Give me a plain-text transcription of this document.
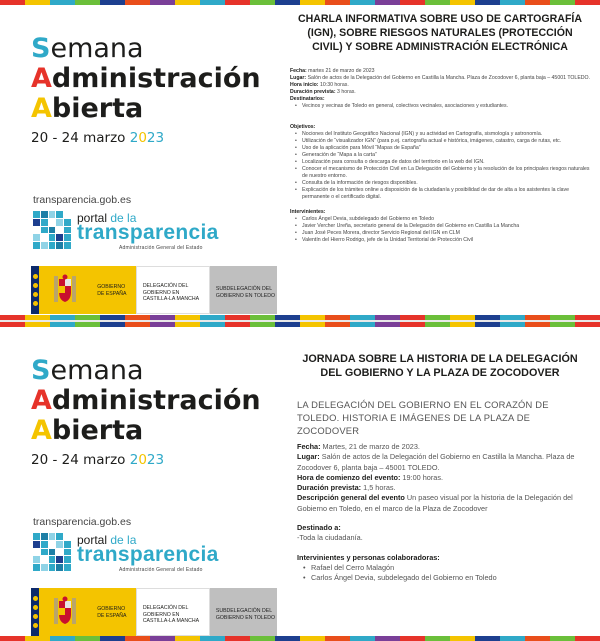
Semana
Administración
Abierta
20 - 24 marzo 2023
transparencia.gob.es
portal de la
transparencia
Administración General del Estado
GOBIERNO
DE ESPAÑA
DELEGACIÓN DEL
GOBIERNO EN
CASTILLA-LA MANCHA
SUBDELEGACIÓN DEL
GOBIERNO EN TOLEDO
CHARLA INFORMATIVA SOBRE USO DE CARTOGRAFÍA (IGN), SOBRE RIESGOS NATURALES (PROTECCIÓN CIVIL) Y SOBRE ADMINISTRACIÓN ELECTRÓNICA
Fecha: martes 21 de marzo de 2023
Lugar: Salón de actos de la Delegación del Gobierno en Castilla la Mancha. Plaza de Zocodover 6, planta baja – 45001 TOLEDO.
Hora inicio: 10:30 horas.
Duración prevista: 3 horas.
Destinatarios:
• Vecinos y vecinas de Toledo en general, colectivos vecinales, asociaciones y estudiantes.
Objetivos:
• Nociones del Instituto Geográfico Nacional (IGN) y su actividad en Cartografía, sismología y astronomía.
• Utilización de “visualizador IGN” (para p.ej. cartografía actual e histórica, imágenes, catastro, carga de rutas, etc.
• Uso de la aplicación para Móvil “Mapas de España”
• Generación de “Mapa a la carta”
• Localización para consulta o descarga de datos del territorio en la web del IGN.
• Conocer el mecanismo de Protección Civil en La Delegación del Gobierno y la resolución de los principales riesgos naturales de nuestro entorno.
• Consulta de la información de riesgos disponibles.
• Explicación de los trámites online a disposición de la ciudadanía y posibilidad de dar de alta a los asistentes la clave permanente o el certificado digital.
Intervinientes:
• Carlos Ángel Devia, subdelegado del Gobierno en Toledo
• Javier Vercher Ureña, secretario general de la Delegación del Gobierno en Castilla La Mancha
• Juan José Peces Morera, director Servicio Regional del IGN en CLM
• Valentín del Hierro Rodrigo, jefe de la Unidad Territorial de Protección Civil
Semana
Administración
Abierta
20 - 24 marzo 2023
transparencia.gob.es
portal de la
transparencia
Administración General del Estado
GOBIERNO
DE ESPAÑA
DELEGACIÓN DEL
GOBIERNO EN
CASTILLA-LA MANCHA
SUBDELEGACIÓN DEL
GOBIERNO EN TOLEDO
JORNADA SOBRE LA HISTORIA DE LA DELEGACIÓN DEL GOBIERNO Y LA PLAZA DE ZOCODOVER
LA DELEGACIÓN DEL GOBIERNO EN EL CORAZÓN DE TOLEDO. HISTORIA E IMÁGENES DE LA PLAZA DE ZOCODOVER
Fecha: Martes, 21 de marzo de 2023.
Lugar: Salón de actos de la Delegación del Gobierno en Castilla la Mancha. Plaza de Zocodover 6, planta baja – 45001 TOLEDO.
Hora de comienzo del evento: 19:00 horas.
Duración prevista: 1,5 horas.
Descripción general del evento Un paseo visual por la historia de la Delegación del Gobierno en Toledo, en el marco de la Plaza de Zocodover
Destinado a:
-Toda la ciudadanía.
Intervinientes y personas colaboradoras:
• Rafael del Cerro Malagón
• Carlos Ángel Devia, subdelegado del Gobierno en Toledo
